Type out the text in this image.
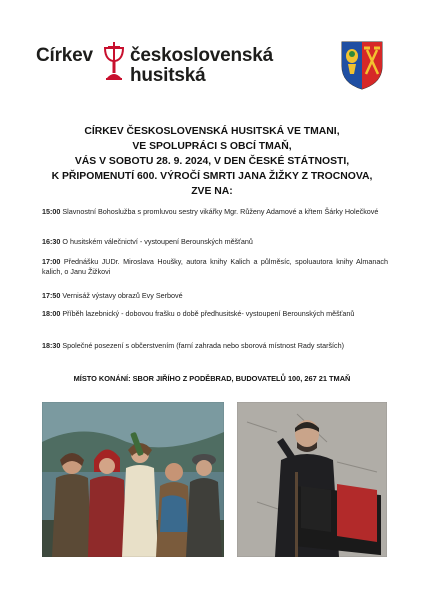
Církev československá
husitská
CÍRKEV ČESKOSLOVENSKÁ HUSITSKÁ VE TMANI,
VE SPOLUPRÁCI S OBCÍ TMAŇ,
VÁS V SOBOTU 28. 9. 2024, V DEN ČESKÉ STÁTNOSTI,
K PŘIPOMENUTÍ 600. VÝROČÍ SMRTI JANA ŽIŽKY Z TROCNOVA,
ZVE NA:
15:00 Slavnostní Bohoslužba s promluvou sestry vikářky Mgr. Růženy Adamové a křtem Šárky Holečkové
16:30 O husitském válečnictví - vystoupení Berounských měšťanů
17:00 Přednášku JUDr. Miroslava Houšky, autora knihy Kalich a půlměsíc, spoluautora knihy Almanach kalich, o Janu Žižkovi
17:50 Vernisáž výstavy obrazů Evy Serbové
18:00 Příběh lazebnický - dobovou frašku o době předhusitské- vystoupení Berounských měšťanů
18:30 Společné posezení s občerstvením (farní zahrada nebo sborová místnost Rady starších)
MÍSTO KONÁNÍ: SBOR JIŘÍHO Z PODĚBRAD, BUDOVATELŮ 100, 267 21 TMAŇ
